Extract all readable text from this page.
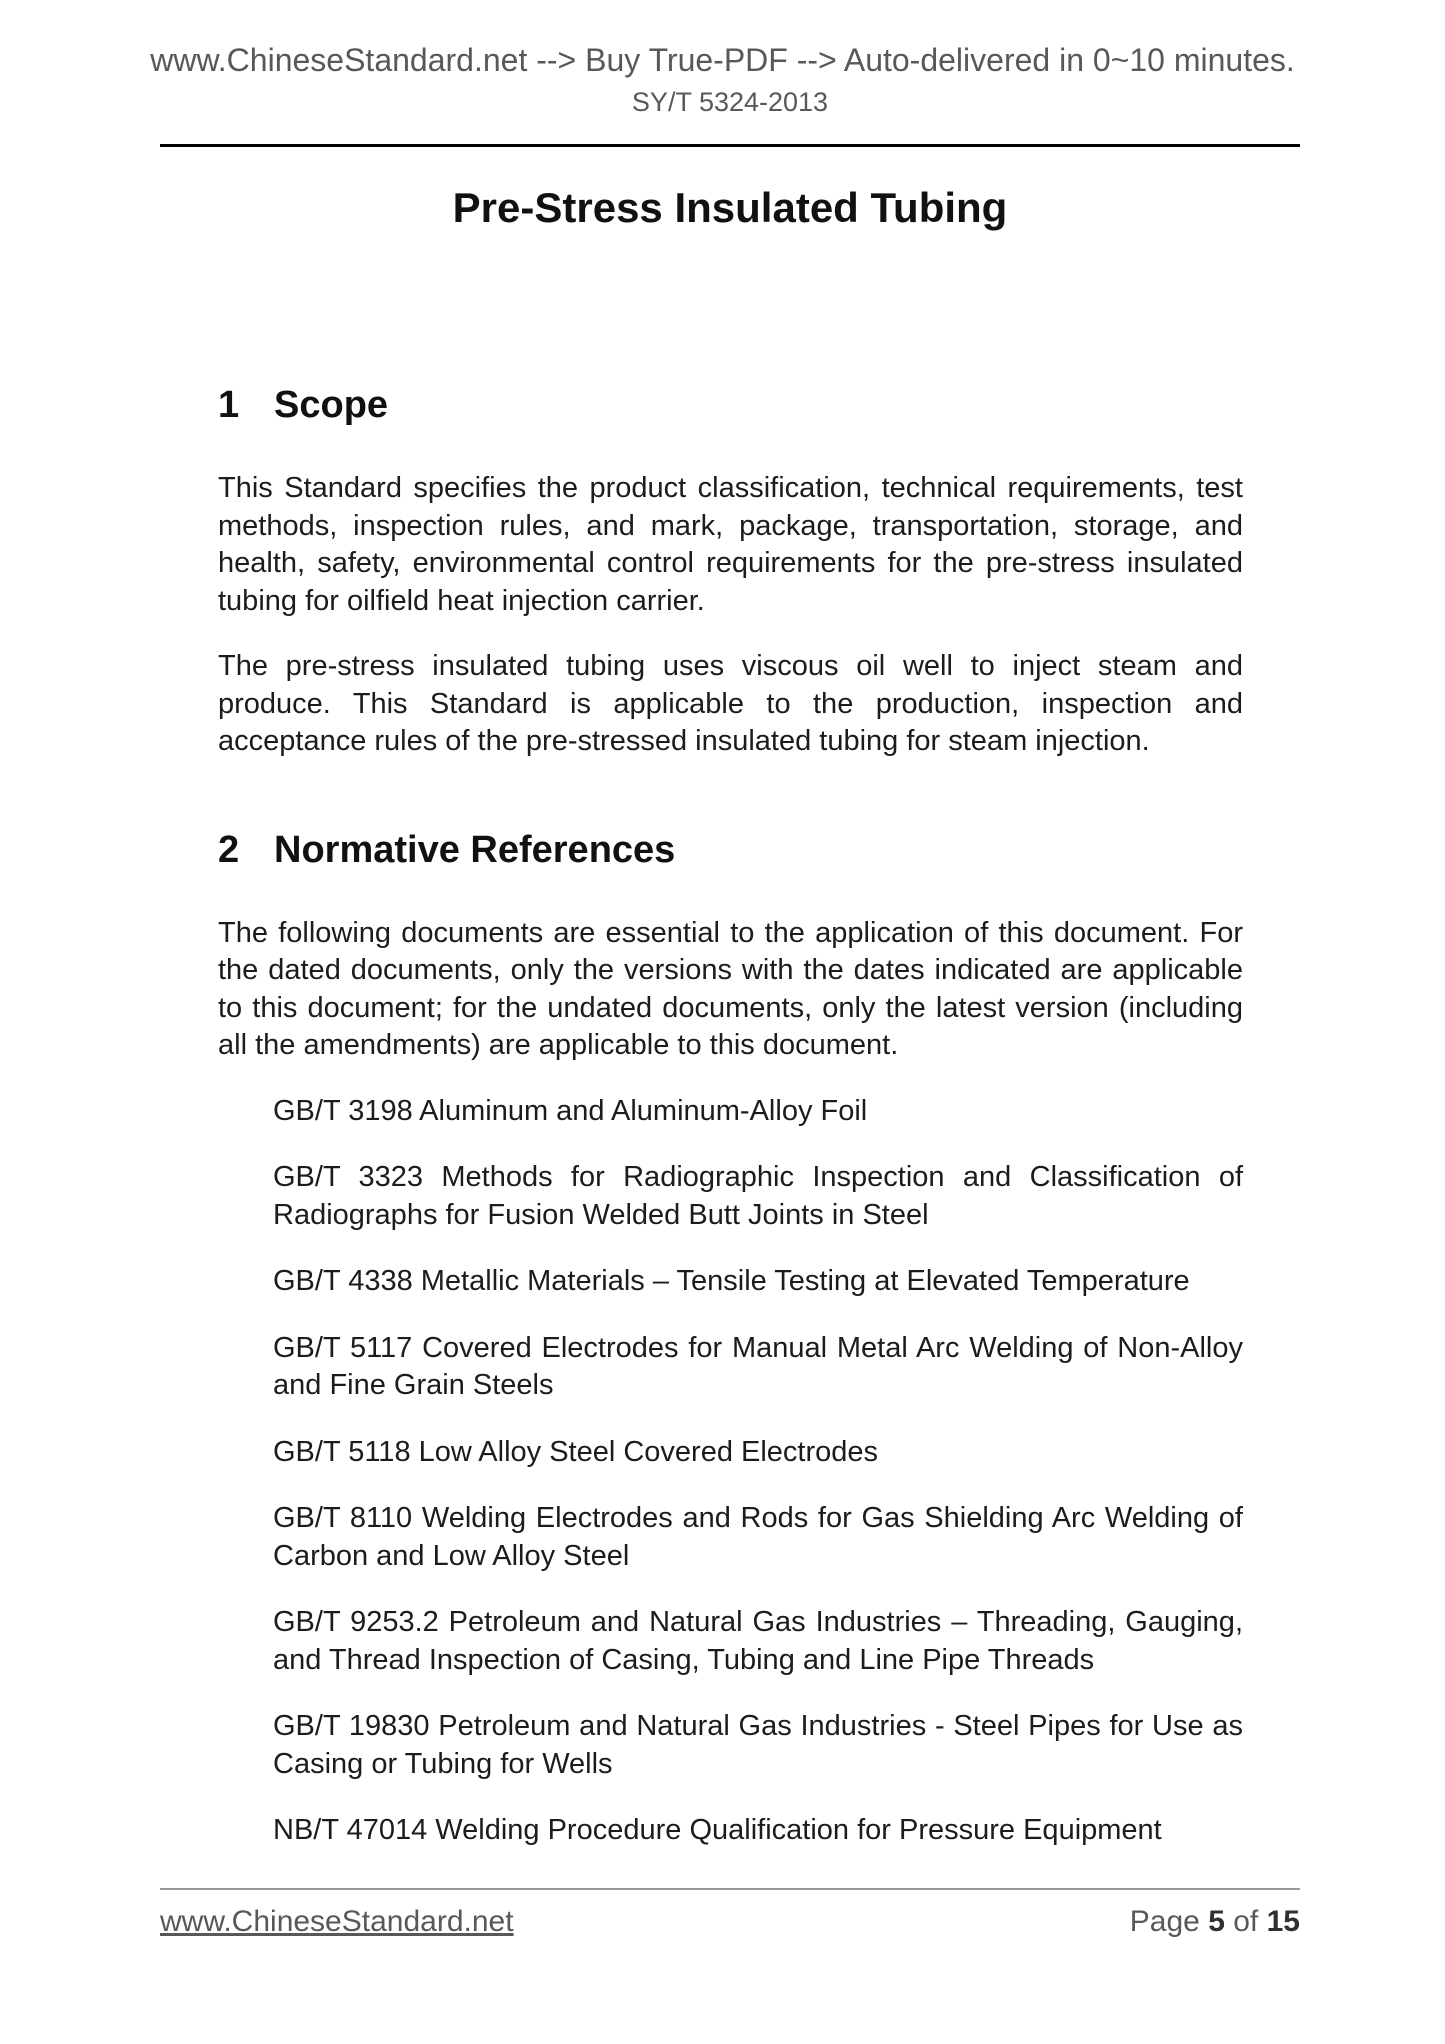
www.ChineseStandard.net --> Buy True-PDF --> Auto-delivered in 0~10 minutes.
SY/T 5324-2013
Pre-Stress Insulated Tubing
1 Scope

This Standard specifies the product classification, technical requirements, test methods, inspection rules, and mark, package, transportation, storage, and health, safety, environmental control requirements for the pre-stress insulated tubing for oilfield heat injection carrier.

The pre-stress insulated tubing uses viscous oil well to inject steam and produce. This Standard is applicable to the production, inspection and acceptance rules of the pre-stressed insulated tubing for steam injection.

2 Normative References

The following documents are essential to the application of this document. For the dated documents, only the versions with the dates indicated are applicable to this document; for the undated documents, only the latest version (including all the amendments) are applicable to this document.

GB/T 3198 Aluminum and Aluminum-Alloy Foil

GB/T 3323 Methods for Radiographic Inspection and Classification of Radiographs for Fusion Welded Butt Joints in Steel

GB/T 4338 Metallic Materials – Tensile Testing at Elevated Temperature

GB/T 5117 Covered Electrodes for Manual Metal Arc Welding of Non-Alloy and Fine Grain Steels

GB/T 5118 Low Alloy Steel Covered Electrodes

GB/T 8110 Welding Electrodes and Rods for Gas Shielding Arc Welding of Carbon and Low Alloy Steel

GB/T 9253.2 Petroleum and Natural Gas Industries – Threading, Gauging, and Thread Inspection of Casing, Tubing and Line Pipe Threads

GB/T 19830 Petroleum and Natural Gas Industries - Steel Pipes for Use as Casing or Tubing for Wells

NB/T 47014 Welding Procedure Qualification for Pressure Equipment

www.ChineseStandard.net	Page 5 of 15
